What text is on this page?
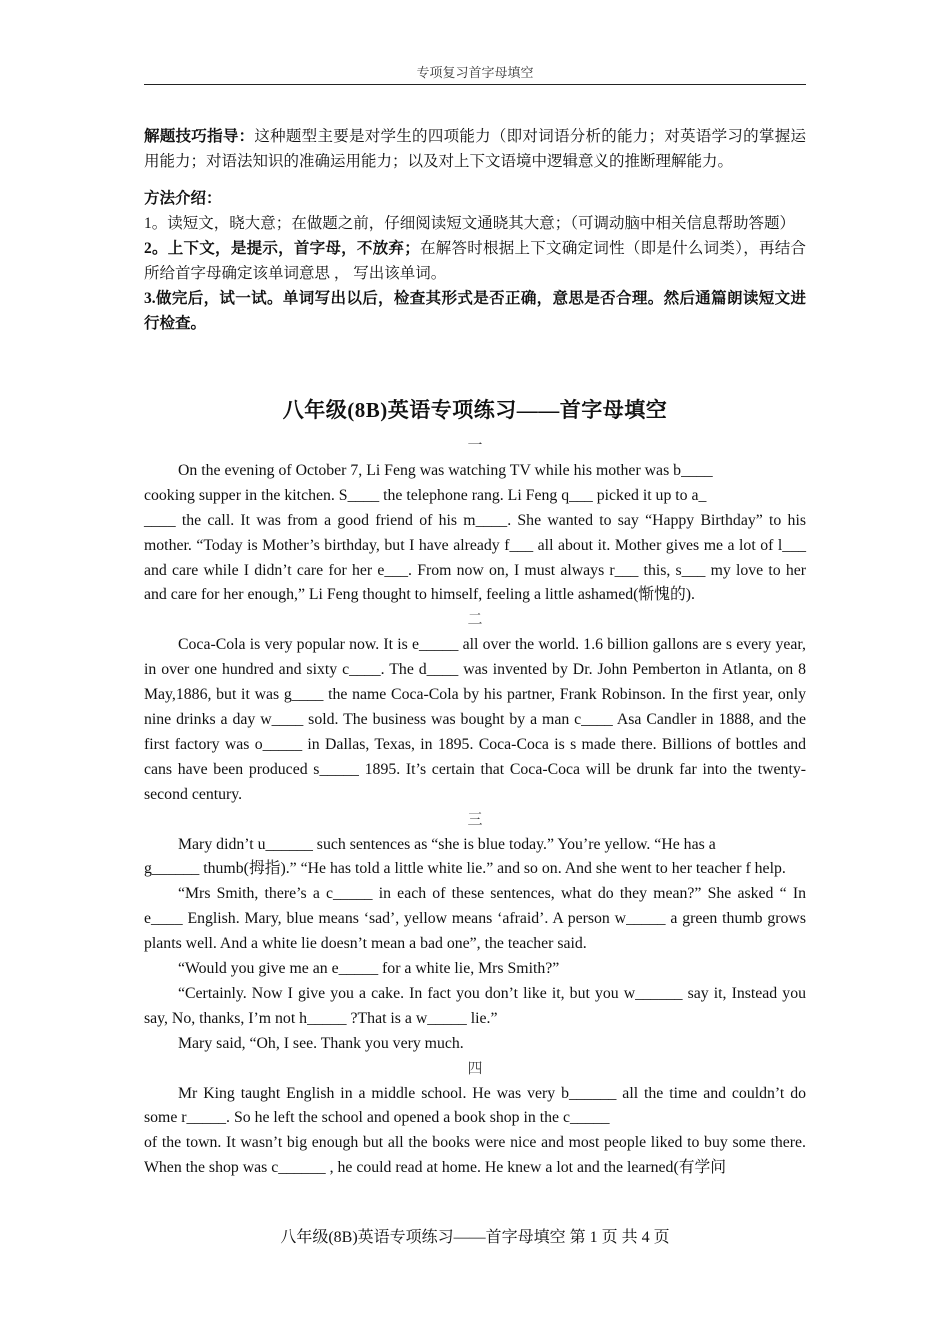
专项复习首字母填空

解题技巧指导：这种题型主要是对学生的四项能力（即对词语分析的能力；对英语学习的掌握运用能力；对语法知识的准确运用能力；以及对上下文语境中逻辑意义的推断理解能力。

方法介绍：

1。读短文，晓大意；在做题之前，仔细阅读短文通晓其大意；（可调动脑中相关信息帮助答题）

2。上下文，是提示，首字母，不放弃；在解答时根据上下文确定词性（即是什么词类），再结合所给首字母确定该单词意思 ， 写出该单词。

3.做完后，试一试。单词写出以后，检查其形式是否正确，意思是否合理。然后通篇朗读短文进行检查。

八年级(8B)英语专项练习——首字母填空

一

On the evening of October 7, Li Feng was watching TV while his mother was b____

cooking supper in the kitchen. S____ the telephone rang. Li Feng q___ picked it up to a_

____ the call. It was from a good friend of his m____. She wanted to say “Happy Birthday” to his mother. “Today is Mother’s birthday, but I have already f___ all about it. Mother gives me a lot of l___ and care while I didn’t care for her e___. From now on, I must always r___ this, s___ my love to her and care for her enough,” Li Feng thought to himself, feeling a little ashamed(惭愧的).

二

Coca-Cola is very popular now. It is e_____ all over the world. 1.6 billion gallons are s every year, in over one hundred and sixty c____. The d____ was invented by Dr. John Pemberton in Atlanta, on 8 May,1886, but it was g____ the name Coca-Cola by his partner, Frank Robinson. In the first year, only nine drinks a day w____ sold. The business was bought by a man c____ Asa Candler in 1888, and the first factory was o_____ in Dallas, Texas, in 1895. Coca-Coca is s made there. Billions of bottles and cans have been produced s_____ 1895. It’s certain that Coca-Coca will be drunk far into the twenty-second century.

三

Mary didn’t u______ such sentences as “she is blue today.” You’re yellow. “He has a

g______ thumb(拇指).” “He has told a little white lie.” and so on. And she went to her teacher f help.

“Mrs Smith, there’s a c_____ in each of these sentences, what do they mean?” She asked “ In e____ English. Mary, blue means ‘sad’, yellow means ‘afraid’. A person w_____ a green thumb grows plants well. And a white lie doesn’t mean a bad one”, the teacher said.

“Would you give me an e_____ for a white lie, Mrs Smith?”

“Certainly. Now I give you a cake. In fact you don’t like it, but you w______ say it, Instead you say, No, thanks, I’m not h_____ ?That is a w_____ lie.”

Mary said, “Oh, I see. Thank you very much.

四

Mr King taught English in a middle school. He was very b______ all the time and couldn’t do some r_____. So he left the school and opened a book shop in the c_____

of the town. It wasn’t big enough but all the books were nice and most people liked to buy some there. When the shop was c______ , he could read at home. He knew a lot and the learned(有学问

八年级(8B)英语专项练习——首字母填空 第 1 页 共 4 页
